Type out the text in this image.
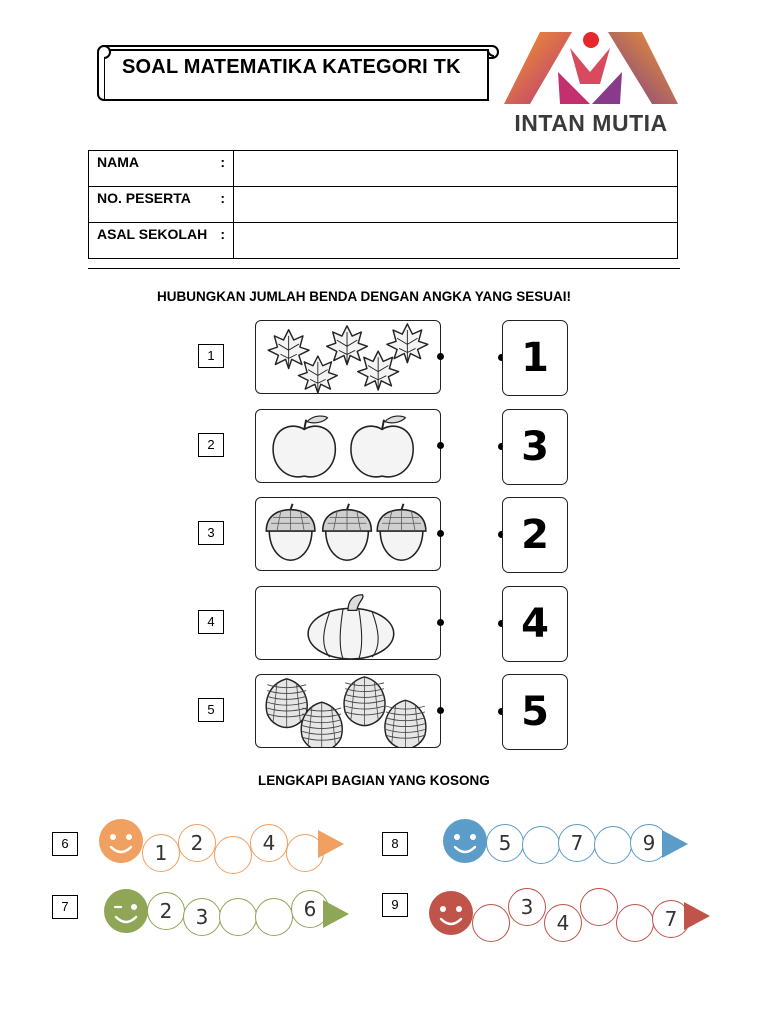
SOAL MATEMATIKA KATEGORI TK
INTAN MUTIA
NAMA :	

NO. PESERTA :	

ASAL SEKOLAH :	

HUBUNGKAN JUMLAH BENDA DENGAN ANGKA YANG SESUAI!
1	1
2	3
3	2
4	4
5	5
LENGKAPI BAGIAN YANG KOSONG
6	1	2	4
7	2	3	6
8	5	7	9
9	3
4	7
